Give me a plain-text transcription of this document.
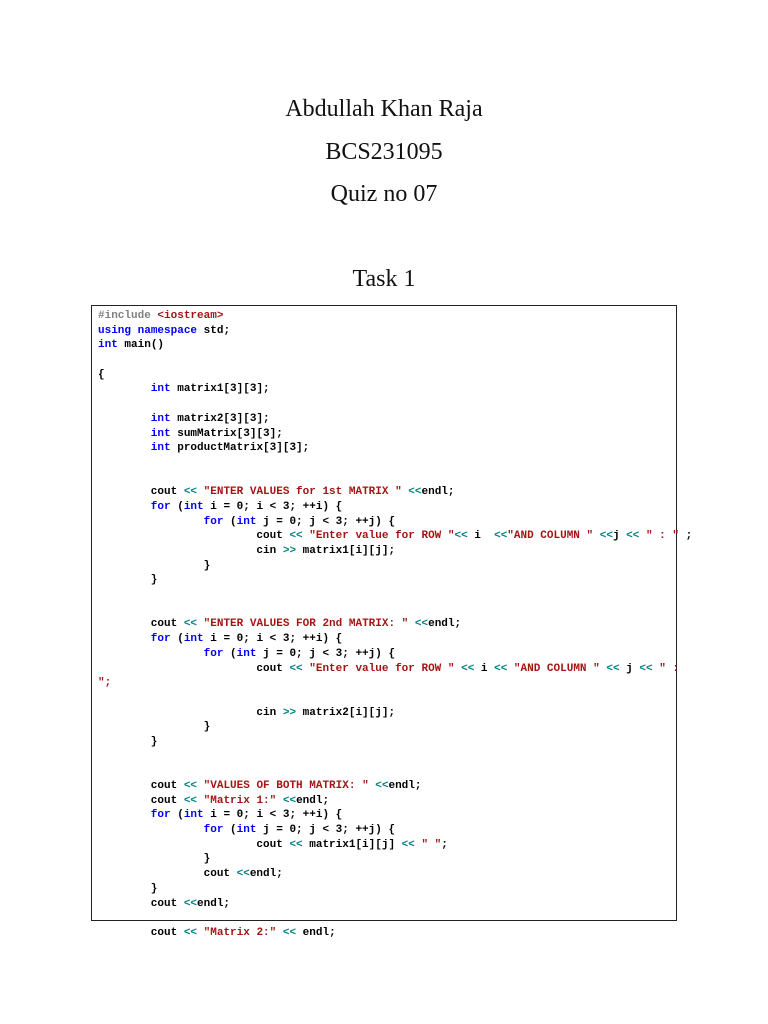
Abdullah Khan Raja
BCS231095
Quiz no 07
Task 1
#include <iostream>
using namespace std;
int main()

{
int matrix1[3][3];

int matrix2[3][3];
int sumMatrix[3][3];
int productMatrix[3][3];

cout << "ENTER VALUES for 1st MATRIX " <<endl;
for (int i = 0; i < 3; ++i) {
for (int j = 0; j < 3; ++j) {
cout << "Enter value for ROW "<< i  <<"AND COLUMN " <<j << " : " ;
cin >> matrix1[i][j];
}
}

cout << "ENTER VALUES FOR 2nd MATRIX: " <<endl;
for (int i = 0; i < 3; ++i) {
for (int j = 0; j < 3; ++j) {
cout << "Enter value for ROW " << i << "AND COLUMN " << j << " :
";

cin >> matrix2[i][j];
}
}

cout << "VALUES OF BOTH MATRIX: " <<endl;
cout << "Matrix 1:" <<endl;
for (int i = 0; i < 3; ++i) {
for (int j = 0; j < 3; ++j) {
cout << matrix1[i][j] << " ";
}
cout <<endl;
}
cout <<endl;

cout << "Matrix 2:" << endl;
